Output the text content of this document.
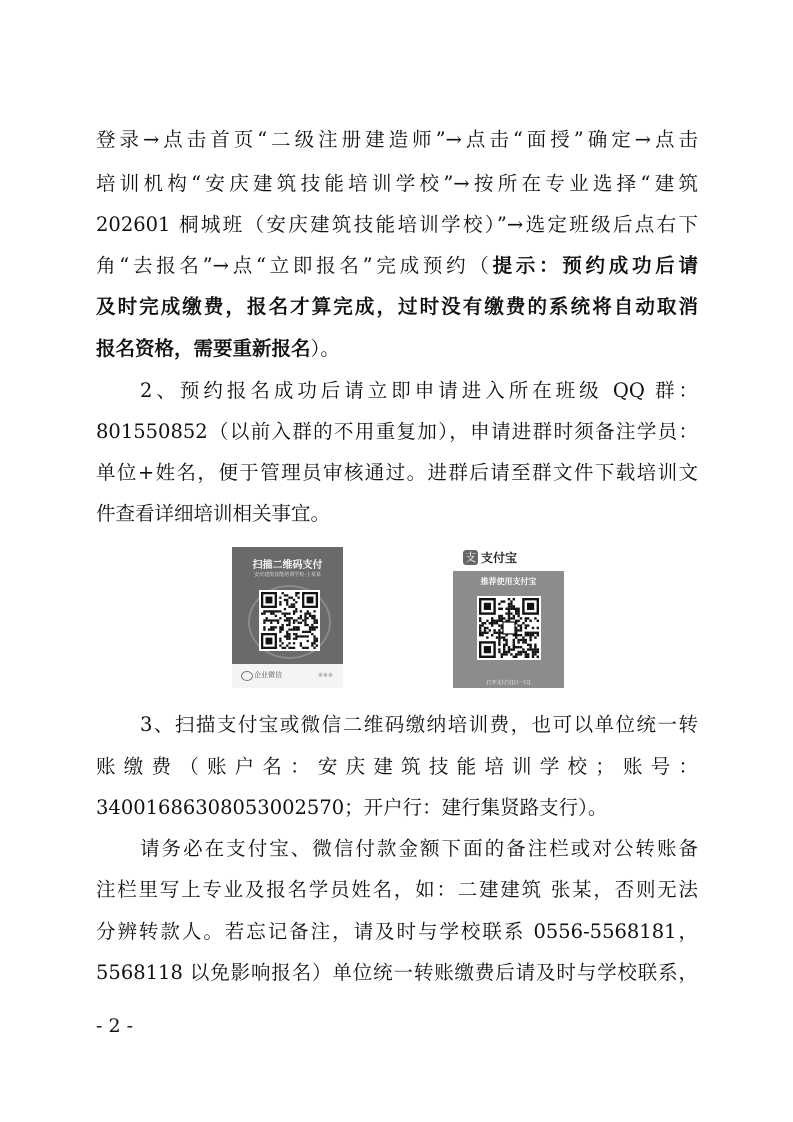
登录→点击首页“二级注册建造师”→点击“面授”确定→点击
培训机构“安庆建筑技能培训学校”→按所在专业选择“建筑
202601 桐城班（安庆建筑技能培训学校）”→选定班级后点右下
角“去报名”→点“立即报名”完成预约（提示：预约成功后请
及时完成缴费，报名才算完成，过时没有缴费的系统将自动取消
报名资格，需要重新报名）。
2、预约报名成功后请立即申请进入所在班级 QQ 群：
801550852（以前入群的不用重复加），申请进群时须备注学员：
单位+姓名，便于管理员审核通过。进群后请至群文件下载培训文
件查看详细培训相关事宜。
扫描二维码支付
安庆建筑技能培训学校-士某某
企业微信	※※※
支 支付宝
推荐使用支付宝
打开支付宝[扫一扫]
3、扫描支付宝或微信二维码缴纳培训费，也可以单位统一转
账缴费（账户名：安庆建筑技能培训学校；账号：
34001686308053002570；开户行：建行集贤路支行）。
请务必在支付宝、微信付款金额下面的备注栏或对公转账备
注栏里写上专业及报名学员姓名，如：二建建筑 张某，否则无法
分辨转款人。若忘记备注，请及时与学校联系 0556-5568181，
5568118 以免影响报名）单位统一转账缴费后请及时与学校联系，
- 2 -
